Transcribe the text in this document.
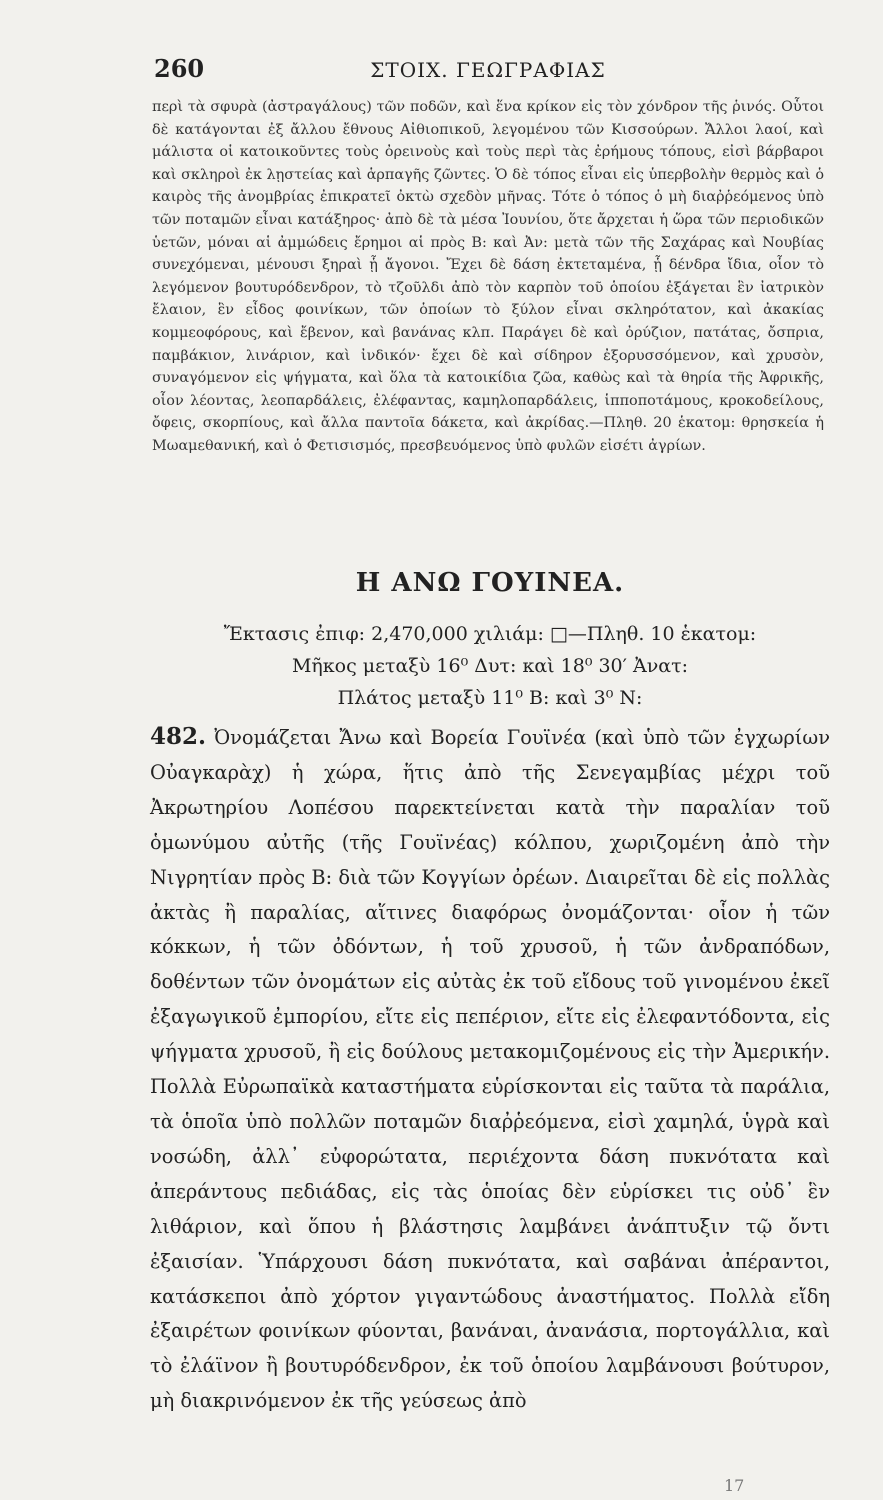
260	ΣΤΟΙΧ. ΓΕΩΓΡΑΦΙΑΣ

περὶ τὰ σφυρὰ (ἀστραγάλους) τῶν ποδῶν, καὶ ἕνα κρίκον εἰς τὸν χόνδρον τῆς ῥινός. Οὗτοι δὲ κατάγονται ἐξ ἄλλου ἔθνους Αἰθιοπικοῦ, λεγομένου τῶν Κισσούρων. Ἄλλοι λαοί, καὶ μάλιστα οἱ κατοικοῦντες τοὺς ὀρεινοὺς καὶ τοὺς περὶ τὰς ἐρήμους τόπους, εἰσὶ βάρβαροι καὶ σκληροὶ ἐκ λῃστείας καὶ ἁρπαγῆς ζῶντες. Ὁ δὲ τόπος εἶναι εἰς ὑπερβολὴν θερμὸς καὶ ὁ καιρὸς τῆς ἀνομβρίας ἐπικρατεῖ ὀκτὼ σχεδὸν μῆνας. Τότε ὁ τόπος ὁ μὴ διαῤῥεόμενος ὑπὸ τῶν ποταμῶν εἶναι κατάξηρος· ἀπὸ δὲ τὰ μέσα Ἰουνίου, ὅτε ἄρχεται ἡ ὥρα τῶν περιοδικῶν ὑετῶν, μόναι αἱ ἀμμώδεις ἔρημοι αἱ πρὸς Β: καὶ Ἀν: μετὰ τῶν τῆς Σαχάρας καὶ Νουβίας συνεχόμεναι, μένουσι ξηραὶ ᾗ ἄγονοι. Ἔχει δὲ δάση ἐκτεταμένα, ᾗ δένδρα ἴδια, οἷον τὸ λεγόμενον βουτυρόδενδρον, τὸ τζοῦλδι ἀπὸ τὸν καρπὸν τοῦ ὁποίου ἐξάγεται ἓν ἰατρικὸν ἔλαιον, ἓν εἶδος φοινίκων, τῶν ὁποίων τὸ ξύλον εἶναι σκληρότατον, καὶ ἀκακίας κομμεοφόρους, καὶ ἔβενον, καὶ βανάνας κλπ. Παράγει δὲ καὶ ὀρύζιον, πατάτας, ὄσπρια, παμβάκιον, λινάριον, καὶ ἰνδικόν· ἔχει δὲ καὶ σίδηρον ἐξορυσσόμενον, καὶ χρυσὸν, συναγόμενον εἰς ψήγματα, καὶ ὅλα τὰ κατοικίδια ζῶα, καθὼς καὶ τὰ θηρία τῆς Ἀφρικῆς, οἷον λέοντας, λεοπαρδάλεις, ἐλέφαντας, καμηλοπαρδάλεις, ἱπποποτάμους, κροκοδείλους, ὄφεις, σκορπίους, καὶ ἄλλα παντοῖα δάκετα, καὶ ἀκρίδας.—Πληθ. 20 ἑκατομ: θρησκεία ἡ Μωαμεθανική, καὶ ὁ Φετισισμός, πρεσβευόμενος ὑπὸ φυλῶν εἰσέτι ἀγρίων.

Η ΑΝΩ ΓΟΥΙΝΕΑ.
Ἔκτασις ἐπιφ: 2,470,000 χιλιάμ: □—Πληθ. 10 ἑκατομ:
Μῆκος μεταξὺ 16⁰ Δυτ: καὶ 18⁰ 30′ Ἀνατ:
Πλάτος μεταξὺ 11⁰ Β: καὶ 3⁰ Ν:

482. Ὀνομάζεται Ἄνω καὶ Βορεία Γουϊνέα (καὶ ὑπὸ τῶν ἐγχωρίων Οὐαγκαρὰχ) ἡ χώρα, ἥτις ἀπὸ τῆς Σενεγαμβίας μέχρι τοῦ Ἀκρωτηρίου Λοπέσου παρεκτείνεται κατὰ τὴν παραλίαν τοῦ ὁμωνύμου αὐτῆς (τῆς Γουϊνέας) κόλπου, χωριζομένη ἀπὸ τὴν Νιγρητίαν πρὸς Β: διὰ τῶν Κογγίων ὀρέων. Διαιρεῖται δὲ εἰς πολλὰς ἀκτὰς ἢ παραλίας, αἵτινες διαφόρως ὀνομάζονται· οἷον ἡ τῶν κόκκων, ἡ τῶν ὀδόντων, ἡ τοῦ χρυσοῦ, ἡ τῶν ἀνδραπόδων, δοθέντων τῶν ὀνομάτων εἰς αὐτὰς ἐκ τοῦ εἴδους τοῦ γινομένου ἐκεῖ ἐξαγωγικοῦ ἐμπορίου, εἴτε εἰς πεπέριον, εἴτε εἰς ἐλεφαντόδοντα, εἰς ψήγματα χρυσοῦ, ἢ εἰς δούλους μετακομιζομένους εἰς τὴν Ἀμερικήν. Πολλὰ Εὐρωπαϊκὰ καταστήματα εὑρίσκονται εἰς ταῦτα τὰ παράλια, τὰ ὁποῖα ὑπὸ πολλῶν ποταμῶν διαῤῥεόμενα, εἰσὶ χαμηλά, ὑγρὰ καὶ νοσώδη, ἀλλ᾽ εὐφορώτατα, περιέχοντα δάση πυκνότατα καὶ ἀπεράντους πεδιάδας, εἰς τὰς ὁποίας δὲν εὑρίσκει τις οὐδ᾽ ἓν λιθάριον, καὶ ὅπου ἡ βλάστησις λαμβάνει ἀνάπτυξιν τῷ ὄντι ἐξαισίαν. Ὑπάρχουσι δάση πυκνότατα, καὶ σαβάναι ἀπέραντοι, κατάσκεποι ἀπὸ χόρτον γιγαντώδους ἀναστήματος. Πολλὰ εἴδη ἐξαιρέτων φοινίκων φύονται, βανάναι, ἀνανάσια, πορτογάλλια, καὶ τὸ ἐλάϊνον ἢ βουτυρόδενδρον, ἐκ τοῦ ὁποίου λαμβάνουσι βούτυρον, μὴ διακρινόμενον ἐκ τῆς γεύσεως ἀπὸ

17
